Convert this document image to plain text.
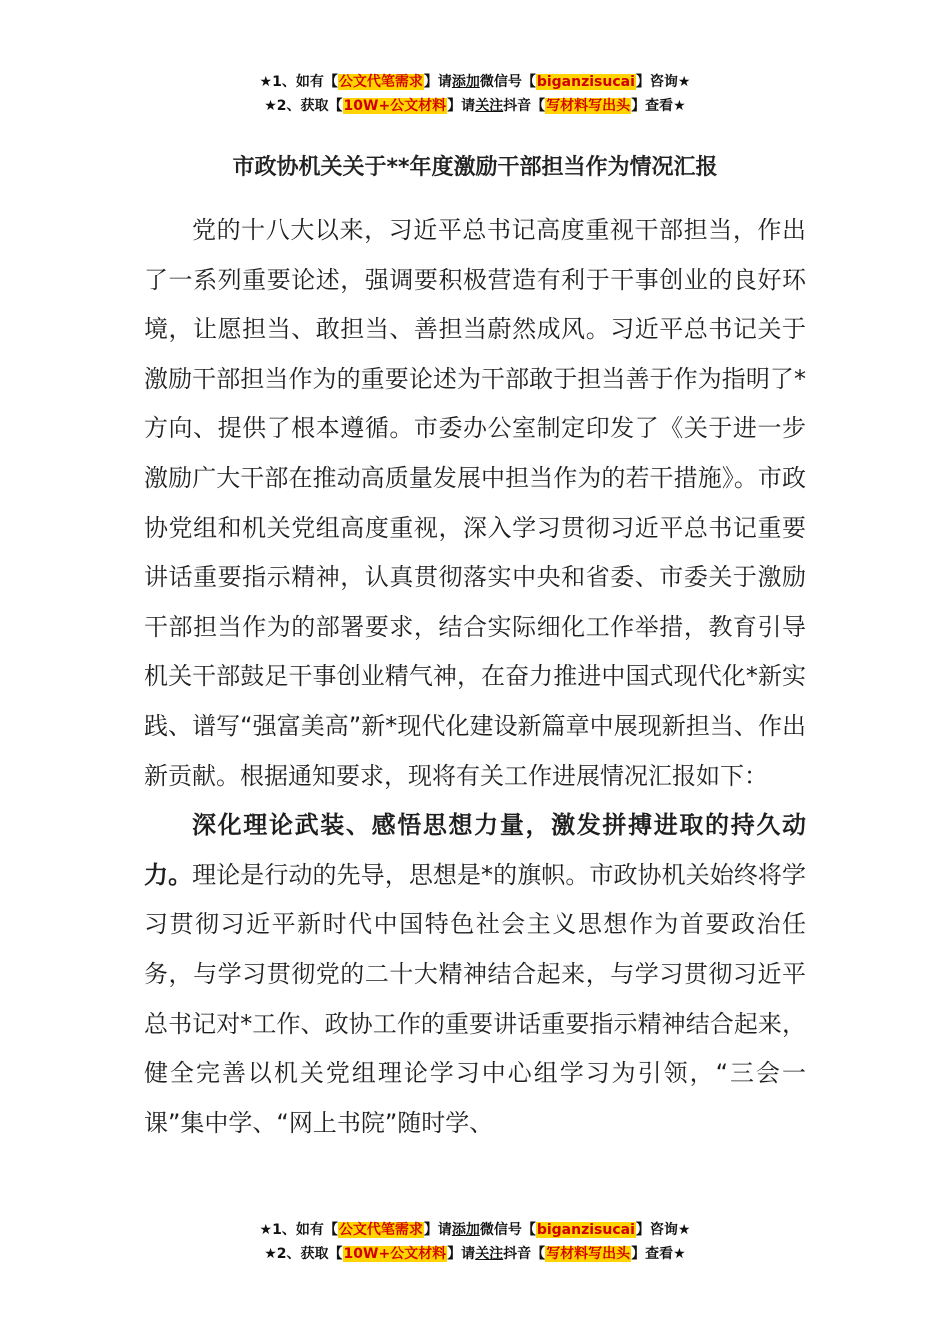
★1、如有【公文代笔需求】请添加微信号【biganzisucai】咨询★
★2、获取【10W+公文材料】请关注抖音【写材料写出头】查看★
市政协机关关于**年度激励干部担当作为情况汇报

党的十八大以来，习近平总书记高度重视干部担当，作出了一系列重要论述，强调要积极营造有利于干事创业的良好环境，让愿担当、敢担当、善担当蔚然成风。习近平总书记关于激励干部担当作为的重要论述为干部敢于担当善于作为指明了*方向、提供了根本遵循。市委办公室制定印发了《关于进一步激励广大干部在推动高质量发展中担当作为的若干措施》。市政协党组和机关党组高度重视，深入学习贯彻习近平总书记重要讲话重要指示精神，认真贯彻落实中央和省委、市委关于激励干部担当作为的部署要求，结合实际细化工作举措，教育引导机关干部鼓足干事创业精气神，在奋力推进中国式现代化*新实践、谱写“强富美高”新*现代化建设新篇章中展现新担当、作出新贡献。根据通知要求，现将有关工作进展情况汇报如下：

深化理论武装、感悟思想力量，激发拼搏进取的持久动力。理论是行动的先导，思想是*的旗帜。市政协机关始终将学习贯彻习近平新时代中国特色社会主义思想作为首要政治任务，与学习贯彻党的二十大精神结合起来，与学习贯彻习近平总书记对*工作、政协工作的重要讲话重要指示精神结合起来，健全完善以机关党组理论学习中心组学习为引领，“三会一课”集中学、“网上书院”随时学、

★1、如有【公文代笔需求】请添加微信号【biganzisucai】咨询★
★2、获取【10W+公文材料】请关注抖音【写材料写出头】查看★
